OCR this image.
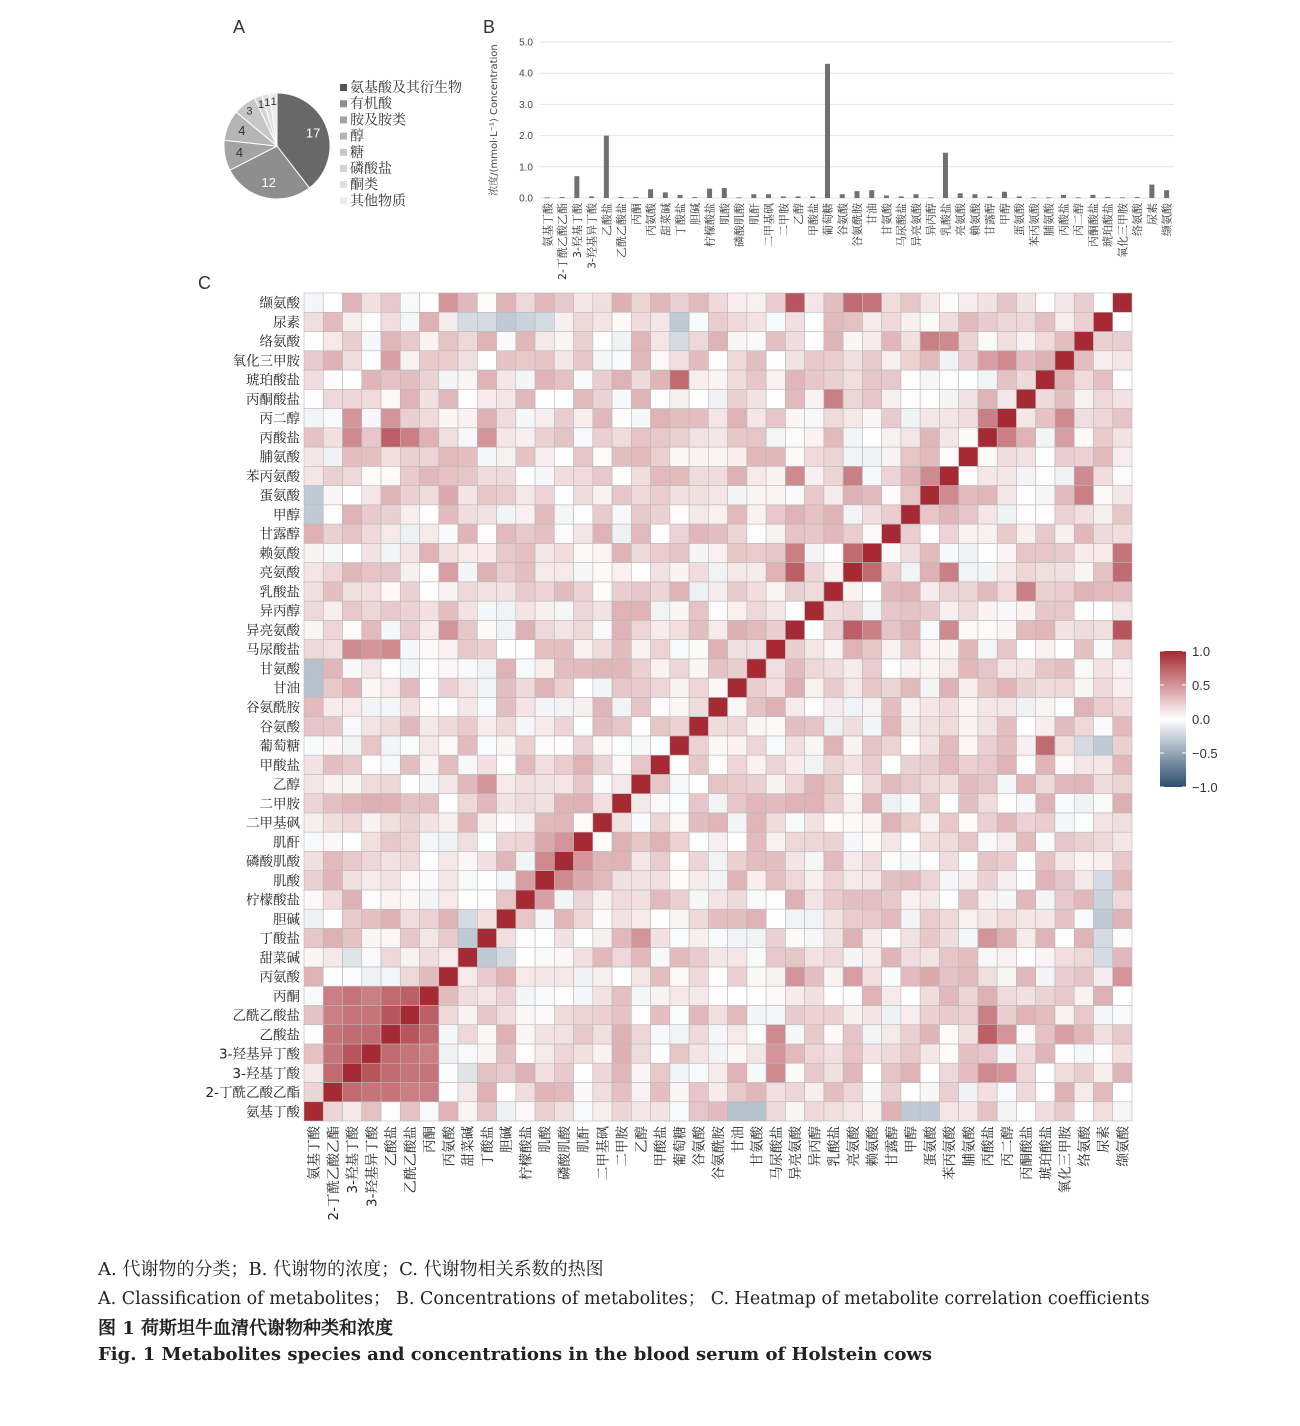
A
17
12
4
4
3
1 1 1
氨基酸及其衍生物
有机酸
胺及胺类
醇
糖
磷酸盐
酮类
其他物质
B
0.0
1.0
2.0
3.0
4.0
5.0
浓度/(mmol·L⁻¹) Concentration
氨基丁酸 2-丁酰乙酸乙酯 3-羟基丁酸 3-羟基异丁酸 乙酸盐 乙酰乙酸盐 丙酮 丙氨酸 甜菜碱 丁酸盐 胆碱 柠檬酸盐 肌酸 磷酸肌酸 肌酐 二甲基砜 二甲胺 乙醇 甲酸盐 葡萄糖 谷氨酸 谷氨酰胺 甘油 甘氨酸 马尿酸盐 异亮氨酸 异丙醇 乳酸盐 亮氨酸 赖氨酸 甘露醇 甲醇 蛋氨酸 苯丙氨酸 脯氨酸 丙酸盐 丙二醇 丙酮酸盐 琥珀酸盐 氧化三甲胺 络氨酸 尿素 缬氨酸
C
氨基丁酸
氨基丁酸
2-丁酰乙酸乙酯
2-丁酰乙酸乙酯
3-羟基丁酸
3-羟基丁酸
3-羟基异丁酸
3-羟基异丁酸
乙酸盐
乙酸盐
乙酰乙酸盐
乙酰乙酸盐
丙酮
丙酮
丙氨酸
丙氨酸
甜菜碱
甜菜碱
丁酸盐
丁酸盐
胆碱
胆碱
柠檬酸盐
柠檬酸盐
肌酸
肌酸
磷酸肌酸
磷酸肌酸
肌酐
肌酐
二甲基砜
二甲基砜
二甲胺
二甲胺
乙醇
乙醇
甲酸盐
甲酸盐
葡萄糖
葡萄糖
谷氨酸
谷氨酸
谷氨酰胺
谷氨酰胺
甘油
甘油
甘氨酸
甘氨酸
马尿酸盐
马尿酸盐
异亮氨酸
异亮氨酸
异丙醇
异丙醇
乳酸盐
乳酸盐
亮氨酸
亮氨酸
赖氨酸
赖氨酸
甘露醇
甘露醇
甲醇
甲醇
蛋氨酸
蛋氨酸
苯丙氨酸
苯丙氨酸
脯氨酸
脯氨酸
丙酸盐
丙酸盐
丙二醇
丙二醇
丙酮酸盐
丙酮酸盐
琥珀酸盐
琥珀酸盐
氧化三甲胺
氧化三甲胺
络氨酸
络氨酸
尿素
尿素
缬氨酸
缬氨酸
1.0
0.5
0.0
−0.5
−1.0
A. 代谢物的分类；B. 代谢物的浓度；C. 代谢物相关系数的热图
A. Classification of metabolites； B. Concentrations of metabolites； C. Heatmap of metabolite correlation coefficients
图 1 荷斯坦牛血清代谢物种类和浓度
Fig. 1 Metabolites species and concentrations in the blood serum of Holstein cows
